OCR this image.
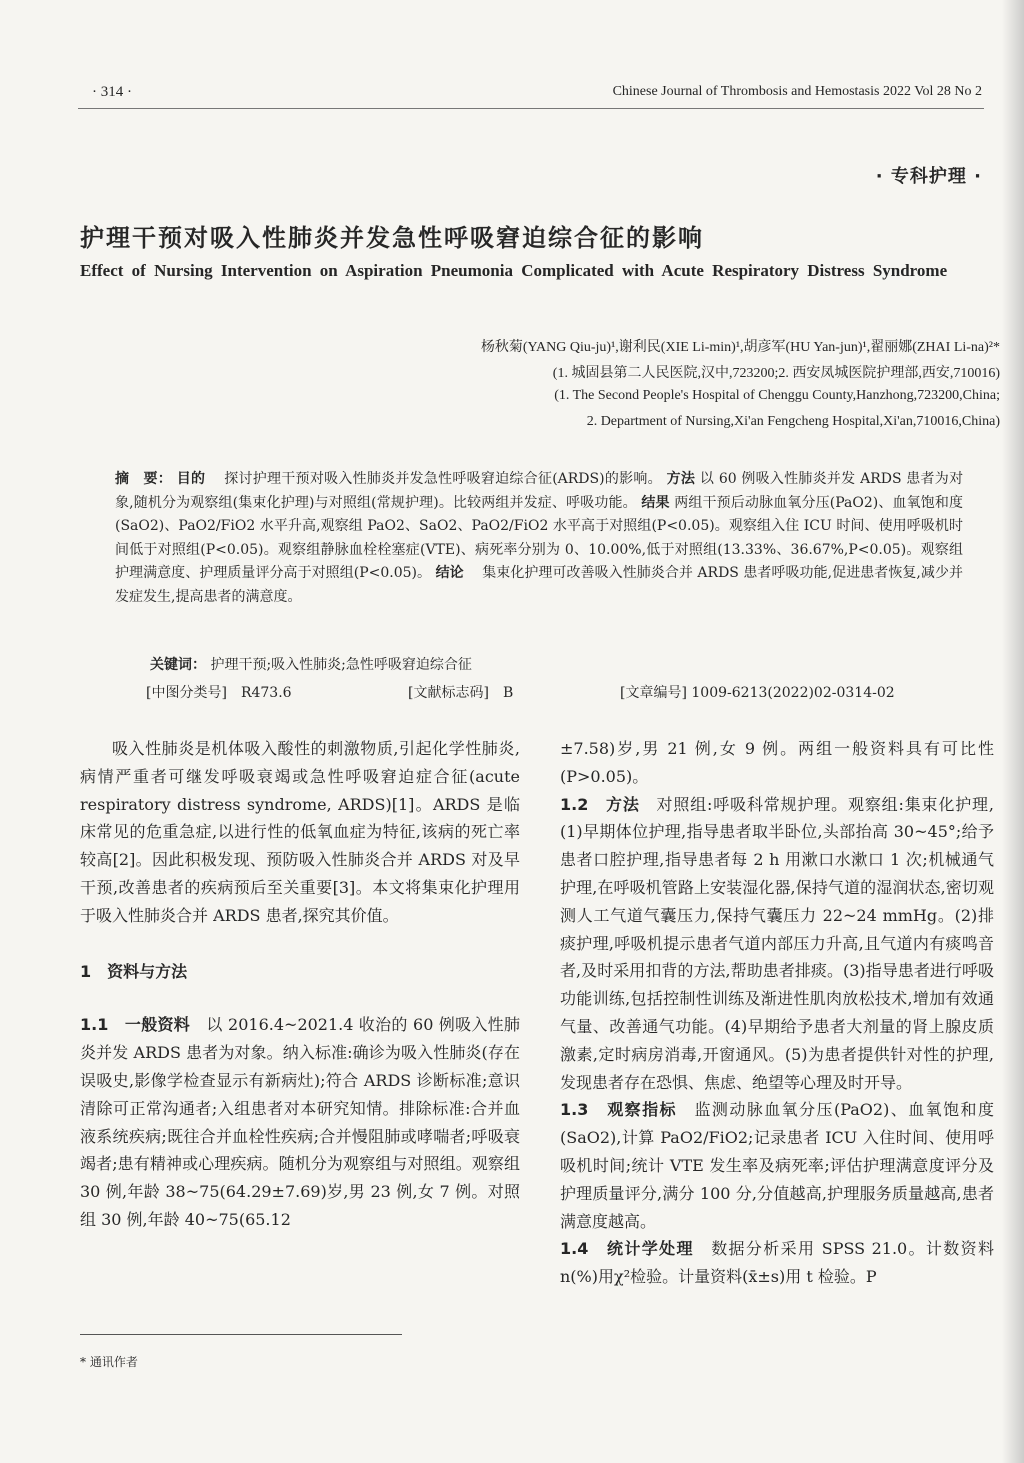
· 314 ·	Chinese Journal of Thrombosis and Hemostasis 2022 Vol 28 No 2
· 专科护理 ·
护理干预对吸入性肺炎并发急性呼吸窘迫综合征的影响
Effect of Nursing Intervention on Aspiration Pneumonia Complicated with Acute Respiratory Distress Syndrome
杨秋菊(YANG Qiu-ju)¹,谢利民(XIE Li-min)¹,胡彦军(HU Yan-jun)¹,翟丽娜(ZHAI Li-na)²*
(1. 城固县第二人民医院,汉中,723200;2. 西安凤城医院护理部,西安,710016)
(1. The Second People's Hospital of Chenggu County,Hanzhong,723200,China;
2. Department of Nursing,Xi'an Fengcheng Hospital,Xi'an,710016,China)
摘　要： 目的　 探讨护理干预对吸入性肺炎并发急性呼吸窘迫综合征(ARDS)的影响。 方法 以 60 例吸入性肺炎并发 ARDS 患者为对象,随机分为观察组(集束化护理)与对照组(常规护理)。比较两组并发症、呼吸功能。 结果 两组干预后动脉血氧分压(PaO2)、血氧饱和度(SaO2)、PaO2/FiO2 水平升高,观察组 PaO2、SaO2、PaO2/FiO2 水平高于对照组(P<0.05)。观察组入住 ICU 时间、使用呼吸机时间低于对照组(P<0.05)。观察组静脉血栓栓塞症(VTE)、病死率分别为 0、10.00%,低于对照组(13.33%、36.67%,P<0.05)。观察组护理满意度、护理质量评分高于对照组(P<0.05)。 结论　 集束化护理可改善吸入性肺炎合并 ARDS 患者呼吸功能,促进患者恢复,减少并发症发生,提高患者的满意度。
关键词： 护理干预;吸入性肺炎;急性呼吸窘迫综合征
[中图分类号]　 R473.6	[文献标志码]　 B	[文章编号] 1009-6213(2022)02-0314-02

吸入性肺炎是机体吸入酸性的刺激物质,引起化学性肺炎,病情严重者可继发呼吸衰竭或急性呼吸窘迫症合征(acute respiratory distress syndrome, ARDS)[1]。ARDS 是临床常见的危重急症,以进行性的低氧血症为特征,该病的死亡率较高[2]。因此积极发现、预防吸入性肺炎合并 ARDS 对及早干预,改善患者的疾病预后至关重要[3]。本文将集束化护理用于吸入性肺炎合并 ARDS 患者,探究其价值。

1　资料与方法

1.1　一般资料　 以 2016.4~2021.4 收治的 60 例吸入性肺炎并发 ARDS 患者为对象。纳入标准:确诊为吸入性肺炎(存在误吸史,影像学检查显示有新病灶);符合 ARDS 诊断标准;意识清除可正常沟通者;入组患者对本研究知情。排除标准:合并血液系统疾病;既往合并血栓性疾病;合并慢阻肺或哮喘者;呼吸衰竭者;患有精神或心理疾病。随机分为观察组与对照组。观察组 30 例,年龄 38~75(64.29±7.69)岁,男 23 例,女 7 例。对照组 30 例,年龄 40~75(65.12

±7.58)岁,男 21 例,女 9 例。两组一般资料具有可比性(P>0.05)。

1.2　方法　 对照组:呼吸科常规护理。观察组:集束化护理,(1)早期体位护理,指导患者取半卧位,头部抬高 30~45°;给予患者口腔护理,指导患者每 2 h 用漱口水漱口 1 次;机械通气护理,在呼吸机管路上安装湿化器,保持气道的湿润状态,密切观测人工气道气囊压力,保持气囊压力 22~24 mmHg。(2)排痰护理,呼吸机提示患者气道内部压力升高,且气道内有痰鸣音者,及时采用扣背的方法,帮助患者排痰。(3)指导患者进行呼吸功能训练,包括控制性训练及渐进性肌肉放松技术,增加有效通气量、改善通气功能。(4)早期给予患者大剂量的肾上腺皮质激素,定时病房消毒,开窗通风。(5)为患者提供针对性的护理,发现患者存在恐惧、焦虑、绝望等心理及时开导。

1.3　观察指标　 监测动脉血氧分压(PaO2)、血氧饱和度(SaO2),计算 PaO2/FiO2;记录患者 ICU 入住时间、使用呼吸机时间;统计 VTE 发生率及病死率;评估护理满意度评分及护理质量评分,满分 100 分,分值越高,护理服务质量越高,患者满意度越高。

1.4　统计学处理　 数据分析采用 SPSS 21.0。计数资料 n(%)用χ²检验。计量资料(x̄±s)用 t 检验。P

* 通讯作者
